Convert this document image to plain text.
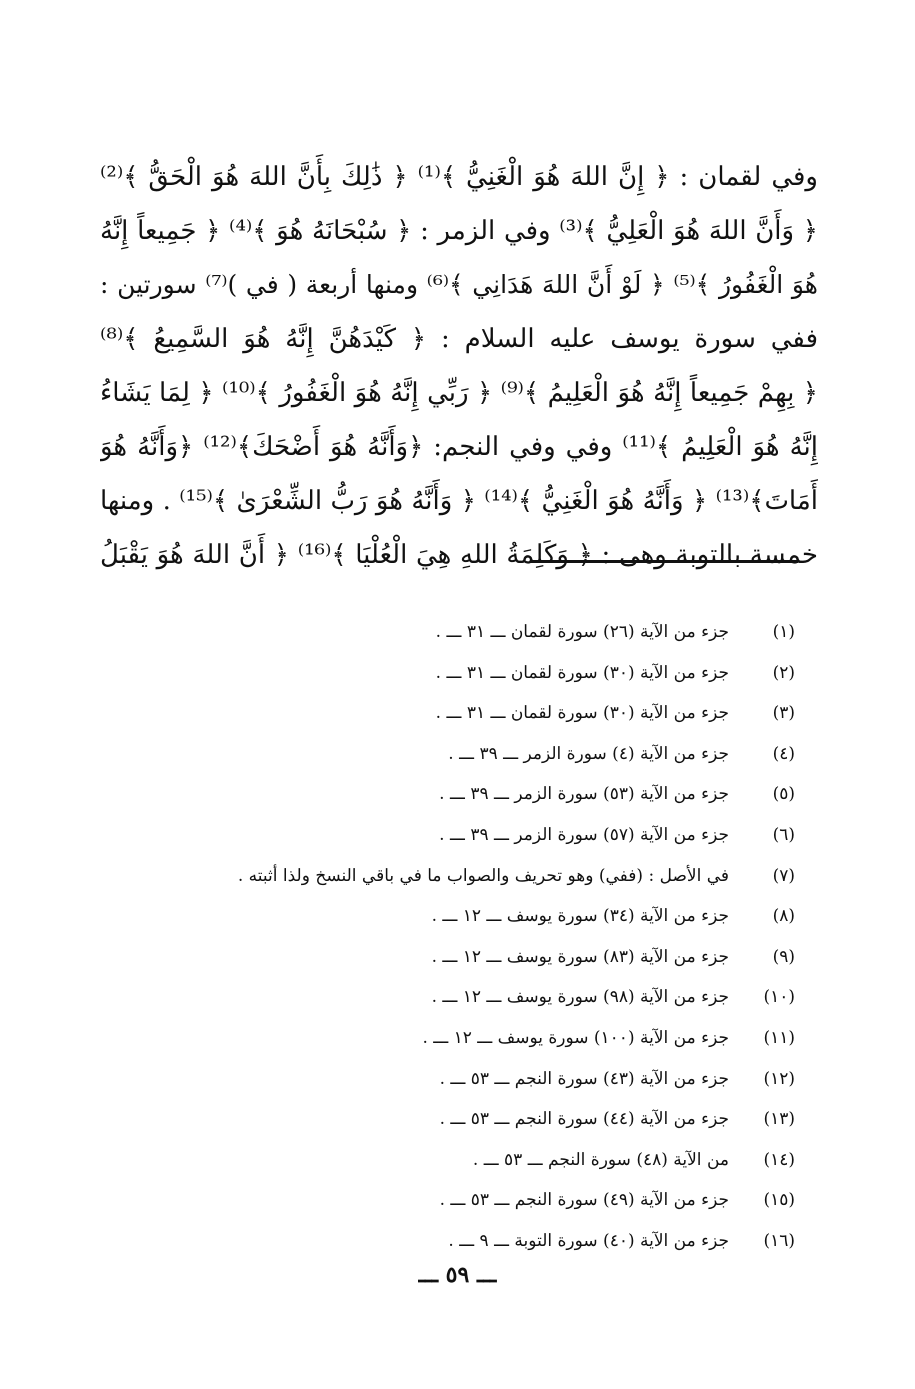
وفي لقمان : ﴿ إِنَّ اللهَ هُوَ الْغَنِيُّ ﴾⁽¹⁾ ﴿ ذَٰلِكَ بِأَنَّ اللهَ هُوَ الْحَقُّ ﴾⁽²⁾
﴿ وَأَنَّ اللهَ هُوَ الْعَلِيُّ ﴾⁽³⁾ وفي الزمر : ﴿ سُبْحَانَهُ هُوَ ﴾⁽⁴⁾ ﴿ جَمِيعاً إِنَّهُ
هُوَ الْغَفُورُ ﴾⁽⁵⁾ ﴿ لَوْ أَنَّ اللهَ هَدَانِي ﴾⁽⁶⁾ ومنها أربعة ( في )⁽⁷⁾ سورتين :
ففي سورة يوسف عليه السلام : ﴿ كَيْدَهُنَّ إِنَّهُ هُوَ السَّمِيعُ ﴾⁽⁸⁾
﴿ بِهِمْ جَمِيعاً إِنَّهُ هُوَ الْعَلِيمُ ﴾⁽⁹⁾ ﴿ رَبِّي إِنَّهُ هُوَ الْغَفُورُ ﴾⁽¹⁰⁾ ﴿ لِمَا يَشَاءُ
إِنَّهُ هُوَ الْعَلِيمُ ﴾⁽¹¹⁾ وفي وفي النجم: ﴿وَأَنَّهُ هُوَ أَضْحَكَ﴾⁽¹²⁾ ﴿وَأَنَّهُ هُوَ
أَمَاتَ﴾⁽¹³⁾ ﴿ وَأَنَّهُ هُوَ الْغَنِيُّ ﴾⁽¹⁴⁾ ﴿ وَأَنَّهُ هُوَ رَبُّ الشِّعْرَىٰ ﴾⁽¹⁵⁾ . ومنها
خمسة بالتوبة وهى : ﴿ وَكَلِمَةُ اللهِ هِيَ الْعُلْيَا ﴾⁽¹⁶⁾ ﴿ أَنَّ اللهَ هُوَ يَقْبَلُ
(١)
جزء من الآية (٢٦) سورة لقمان ـــ ٣١ ـــ .
(٢)
جزء من الآية (٣٠) سورة لقمان ـــ ٣١ ـــ .
(٣)
جزء من الآية (٣٠) سورة لقمان ـــ ٣١ ـــ .
(٤)
جزء من الآية (٤) سورة الزمر ـــ ٣٩ ـــ .
(٥)
جزء من الآية (٥٣) سورة الزمر ـــ ٣٩ ـــ .
(٦)
جزء من الآية (٥٧) سورة الزمر ـــ ٣٩ ـــ .
(٧)
في الأصل : (ففي) وهو تحريف والصواب ما في باقي النسخ ولذا أثبته .
(٨)
جزء من الآية (٣٤) سورة يوسف ـــ ١٢ ـــ .
(٩)
جزء من الآية (٨٣) سورة يوسف ـــ ١٢ ـــ .
(١٠)
جزء من الآية (٩٨) سورة يوسف ـــ ١٢ ـــ .
(١١)
جزء من الآية (١٠٠) سورة يوسف ـــ ١٢ ـــ .
(١٢)
جزء من الآية (٤٣) سورة النجم ـــ ٥٣ ـــ .
(١٣)
جزء من الآية (٤٤) سورة النجم ـــ ٥٣ ـــ .
(١٤)
من الآية (٤٨) سورة النجم ـــ ٥٣ ـــ .
(١٥)
جزء من الآية (٤٩) سورة النجم ـــ ٥٣ ـــ .
(١٦)
جزء من الآية (٤٠) سورة التوبة ـــ ٩ ـــ .
ـــ ٥٩ ـــ
